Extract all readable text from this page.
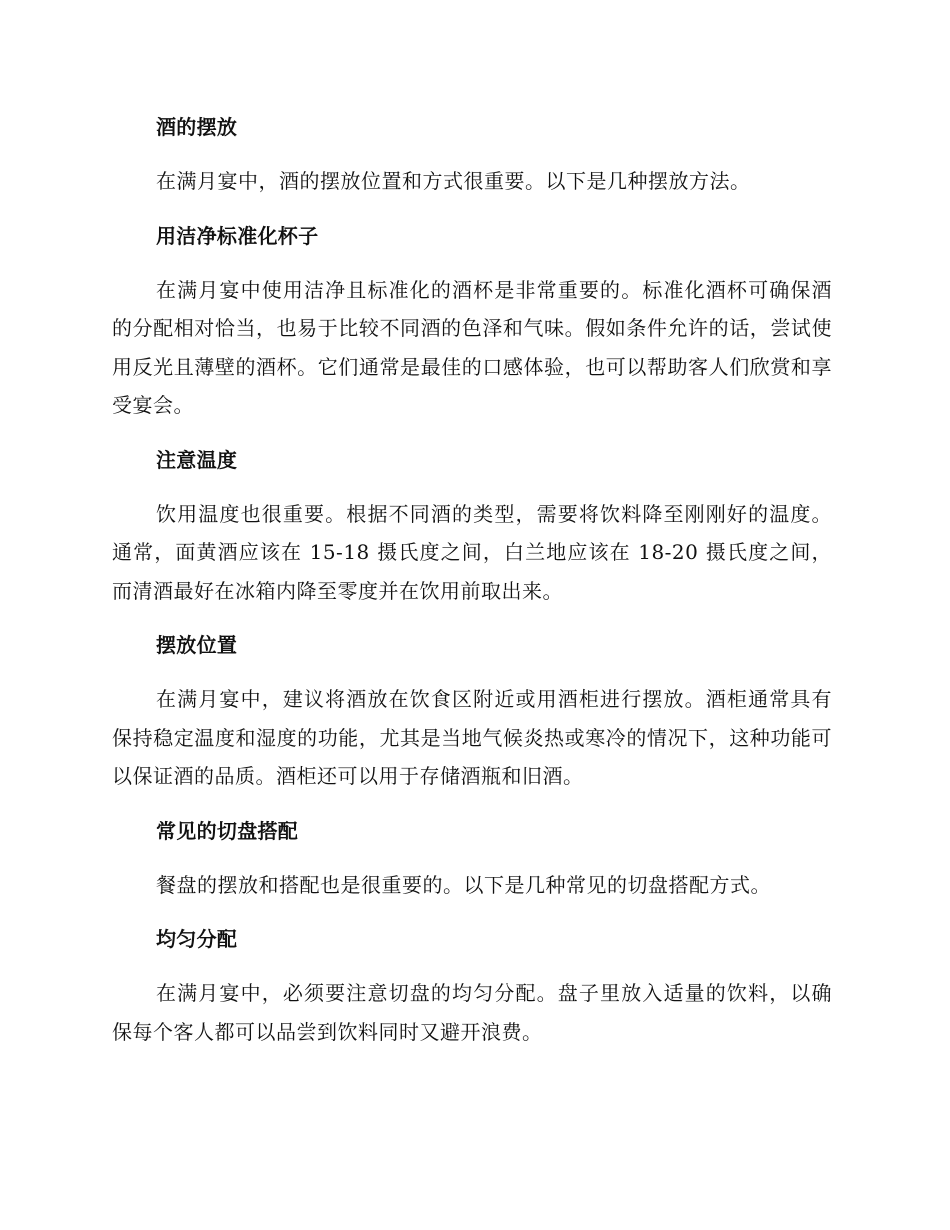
酒的摆放
在满月宴中，酒的摆放位置和方式很重要。以下是几种摆放方法。
用洁净标准化杯子
在满月宴中使用洁净且标准化的酒杯是非常重要的。标准化酒杯可确保酒的分配相对恰当，也易于比较不同酒的色泽和气味。假如条件允许的话，尝试使用反光且薄壁的酒杯。它们通常是最佳的口感体验，也可以帮助客人们欣赏和享受宴会。
注意温度
饮用温度也很重要。根据不同酒的类型，需要将饮料降至刚刚好的温度。通常，面黄酒应该在 15-18 摄氏度之间，白兰地应该在 18-20 摄氏度之间，而清酒最好在冰箱内降至零度并在饮用前取出来。
摆放位置
在满月宴中，建议将酒放在饮食区附近或用酒柜进行摆放。酒柜通常具有保持稳定温度和湿度的功能，尤其是当地气候炎热或寒冷的情况下，这种功能可以保证酒的品质。酒柜还可以用于存储酒瓶和旧酒。
常见的切盘搭配
餐盘的摆放和搭配也是很重要的。以下是几种常见的切盘搭配方式。
均匀分配
在满月宴中，必须要注意切盘的均匀分配。盘子里放入适量的饮料，以确保每个客人都可以品尝到饮料同时又避开浪费。
